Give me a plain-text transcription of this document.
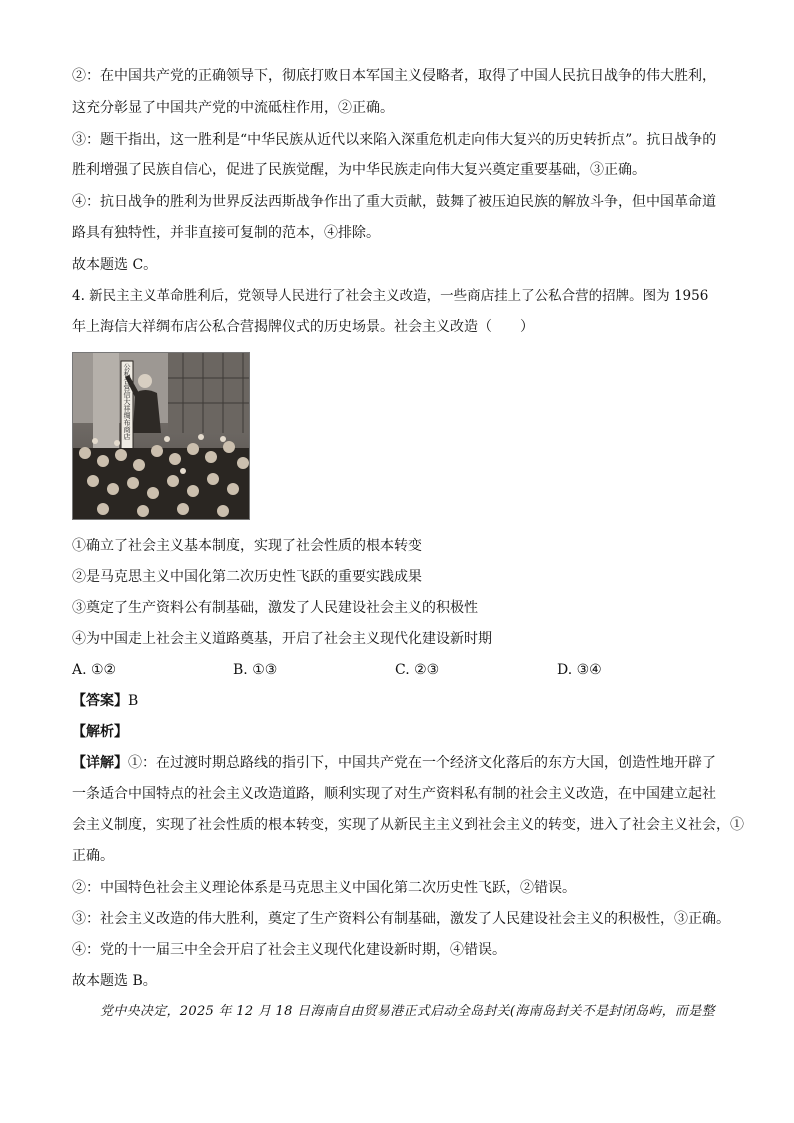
②：在中国共产党的正确领导下，彻底打败日本军国主义侵略者，取得了中国人民抗日战争的伟大胜利，
这充分彰显了中国共产党的中流砥柱作用，②正确。
③：题干指出，这一胜利是“中华民族从近代以来陷入深重危机走向伟大复兴的历史转折点”。抗日战争的
胜利增强了民族自信心，促进了民族觉醒，为中华民族走向伟大复兴奠定重要基础，③正确。
④：抗日战争的胜利为世界反法西斯战争作出了重大贡献，鼓舞了被压迫民族的解放斗争，但中国革命道
路具有独特性，并非直接可复制的范本，④排除。
故本题选 C。
4. 新民主主义革命胜利后，党领导人民进行了社会主义改造，一些商店挂上了公私合营的招牌。图为 1956
年上海信大祥绸布店公私合营揭牌仪式的历史场景。社会主义改造（　　）
公私合营信大祥绸布商店
①确立了社会主义基本制度，实现了社会性质的根本转变
②是马克思主义中国化第二次历史性飞跃的重要实践成果
③奠定了生产资料公有制基础，激发了人民建设社会主义的积极性
④为中国走上社会主义道路奠基，开启了社会主义现代化建设新时期
A. ①②	B. ①③	C. ②③	D. ③④
【答案】B
【解析】
【详解】①：在过渡时期总路线的指引下，中国共产党在一个经济文化落后的东方大国，创造性地开辟了
一条适合中国特点的社会主义改造道路，顺利实现了对生产资料私有制的社会主义改造，在中国建立起社
会主义制度，实现了社会性质的根本转变，实现了从新民主主义到社会主义的转变，进入了社会主义社会，①
正确。
②：中国特色社会主义理论体系是马克思主义中国化第二次历史性飞跃，②错误。
③：社会主义改造的伟大胜利，奠定了生产资料公有制基础，激发了人民建设社会主义的积极性，③正确。
④：党的十一届三中全会开启了社会主义现代化建设新时期，④错误。
故本题选 B。
党中央决定，2025 年 12 月 18 日海南自由贸易港正式启动全岛封关(海南岛封关不是封闭岛屿，而是整
